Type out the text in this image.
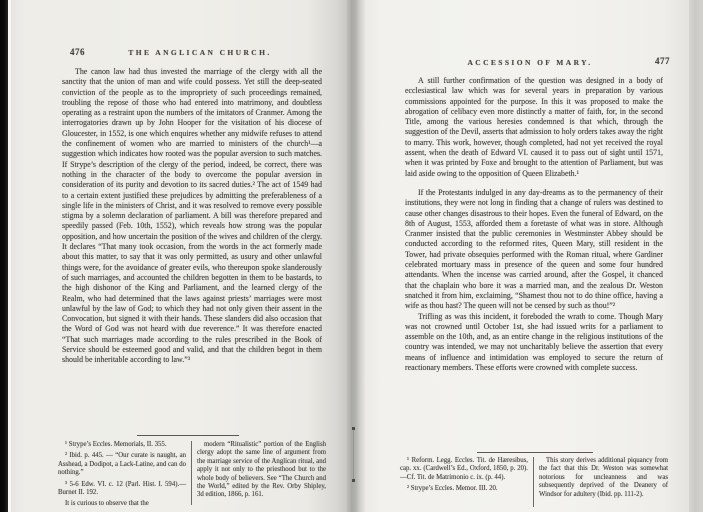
476	THE ANGLICAN CHURCH.

The canon law had thus invested the marriage of the clergy with all the sanctity that the union of man and wife could possess. Yet still the deep-seated conviction of the people as to the impropriety of such proceedings remained, troubling the repose of those who had entered into matrimony, and doubtless operating as a restraint upon the numbers of the imitators of Cranmer. Among the interrogatories drawn up by John Hooper for the visitation of his diocese of Gloucester, in 1552, is one which enquires whether any midwife refuses to attend the confinement of women who are married to ministers of the church¹—a suggestion which indicates how rooted was the popular aversion to such matches. If Strype’s description of the clergy of the period, indeed, be correct, there was nothing in the character of the body to overcome the popular aversion in consideration of its purity and devotion to its sacred duties.² The act of 1549 had to a certain extent justified these prejudices by admitting the preferableness of a single life in the ministers of Christ, and it was resolved to remove every possible stigma by a solemn declaration of parliament. A bill was therefore prepared and speedily passed (Feb. 10th, 1552), which reveals how strong was the popular opposition, and how uncertain the position of the wives and children of the clergy. It declares “That many took occasion, from the words in the act formerly made about this matter, to say that it was only permitted, as usury and other unlawful things were, for the avoidance of greater evils, who thereupon spoke slanderously of such marriages, and accounted the children begotten in them to be bastards, to the high dishonor of the King and Parliament, and the learned clergy of the Realm, who had determined that the laws against priests’ marriages were most unlawful by the law of God; to which they had not only given their assent in the Convocation, but signed it with their hands. These slanders did also occasion that the Word of God was not heard with due reverence.” It was therefore enacted “That such marriages made according to the rules prescribed in the Book of Service should be esteemed good and valid, and that the children begot in them should be inheritable according to law.”³

¹ Strype’s Eccles. Memorials, II. 355.

² Ibid. p. 445. — “Our curate is naught, an Asshead, a Dodipot, a Lack-Latine, and can do nothing.”

³ 5-6 Edw. VI. c. 12 (Parl. Hist. I. 594).—Burnet II. 192.

It is curious to observe that the

modern “Ritualistic” portion of the English clergy adopt the same line of argument from the marriage service of the Anglican ritual, and apply it not only to the priesthood but to the whole body of believers. See “The Church and the World,” edited by the Rev. Orby Shipley, 3d edition, 1866, p. 161.

ACCESSION OF MARY.	477

A still further confirmation of the question was designed in a body of ecclesiastical law which was for several years in preparation by various commissions appointed for the purpose. In this it was proposed to make the abrogation of celibacy even more distinctly a matter of faith, for, in the second Title, among the various heresies condemned is that which, through the suggestion of the Devil, asserts that admission to holy orders takes away the right to marry. This work, however, though completed, had not yet received the royal assent, when the death of Edward VI. caused it to pass out of sight until 1571, when it was printed by Foxe and brought to the attention of Parliament, but was laid aside owing to the opposition of Queen Elizabeth.¹

If the Protestants indulged in any day-dreams as to the permanency of their institutions, they were not long in finding that a change of rulers was destined to cause other changes disastrous to their hopes. Even the funeral of Edward, on the 8th of August, 1553, afforded them a foretaste of what was in store. Although Cranmer insisted that the public ceremonies in Westminster Abbey should be conducted according to the reformed rites, Queen Mary, still resident in the Tower, had private obsequies performed with the Roman ritual, where Gardiner celebrated mortuary mass in presence of the queen and some four hundred attendants. When the incense was carried around, after the Gospel, it chanced that the chaplain who bore it was a married man, and the zealous Dr. Weston snatched it from him, exclaiming, “Shamest thou not to do thine office, having a wife as thou hast? The queen will not be censed by such as thou!”²

Trifling as was this incident, it foreboded the wrath to come. Though Mary was not crowned until October 1st, she had issued writs for a parliament to assemble on the 10th, and, as an entire change in the religious institutions of the country was intended, we may not uncharitably believe the assertion that every means of influence and intimidation was employed to secure the return of reactionary members. These efforts were crowned with complete success.

¹ Reform. Legg. Eccles. Tit. de Hæresibus, cap. xx. (Cardwell’s Ed., Oxford, 1850, p. 20).—Cf. Tit. de Matrimonio c. ix. (p. 44).

² Strype’s Eccles. Memor. III. 20.

This story derives additional piquancy from the fact that this Dr. Weston was somewhat notorious for uncleanness and was subsequently deprived of the Deanery of Windsor for adultery (Ibid. pp. 111-2).
